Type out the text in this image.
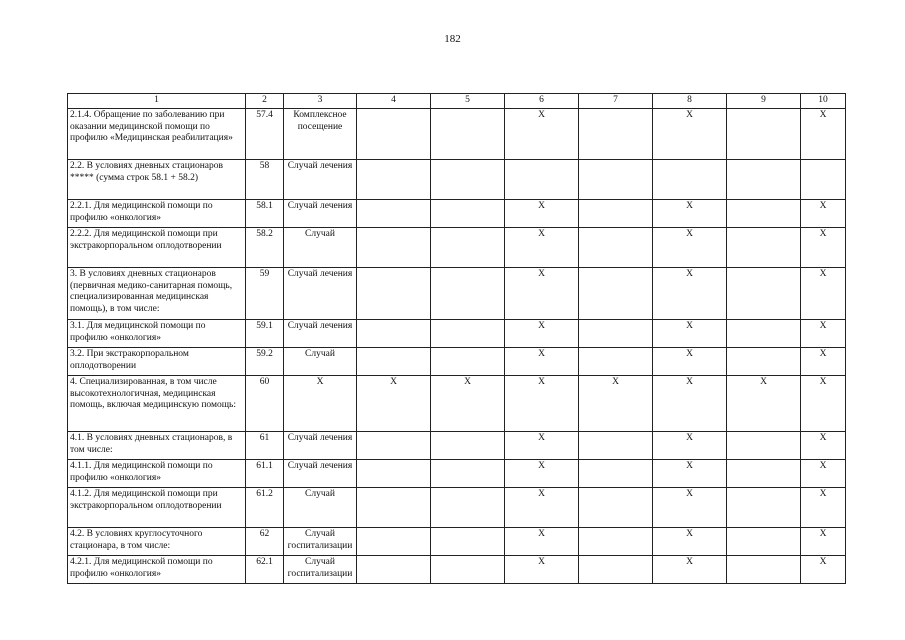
182
1	2	3	4	5	6	7	8	9	10
2.1.4. Обращение по заболеванию при оказании медицинской помощи по профилю «Медицинская реабилитация»	57.4	Комплексное посещение			X		X		X
2.2. В условиях дневных стационаров ***** (сумма строк 58.1 + 58.2)	58	Случай лечения							
2.2.1. Для медицинской помощи по профилю «онкология»	58.1	Случай лечения			X		X		X
2.2.2. Для медицинской помощи при экстракорпоральном оплодотворении	58.2	Случай			X		X		X
3. В условиях дневных стационаров (первичная медико-санитарная помощь, специализированная медицинская помощь), в том числе:	59	Случай лечения			X		X		X
3.1. Для медицинской помощи по профилю «онкология»	59.1	Случай лечения			X		X		X
3.2. При экстракорпоральном оплодотворении	59.2	Случай			X		X		X
4. Специализированная, в том числе высокотехнологичная, медицинская помощь, включая медицинскую помощь:	60	X	X	X	X	X	X	X	X
4.1. В условиях дневных стационаров, в том числе:	61	Случай лечения			X		X		X
4.1.1. Для медицинской помощи по профилю «онкология»	61.1	Случай лечения			X		X		X
4.1.2. Для медицинской помощи при экстракорпоральном оплодотворении	61.2	Случай			X		X		X
4.2. В условиях круглосуточного стационара, в том числе:	62	Случай госпитализации			X		X		X
4.2.1. Для медицинской помощи по профилю «онкология»	62.1	Случай госпитализации			X		X		X
